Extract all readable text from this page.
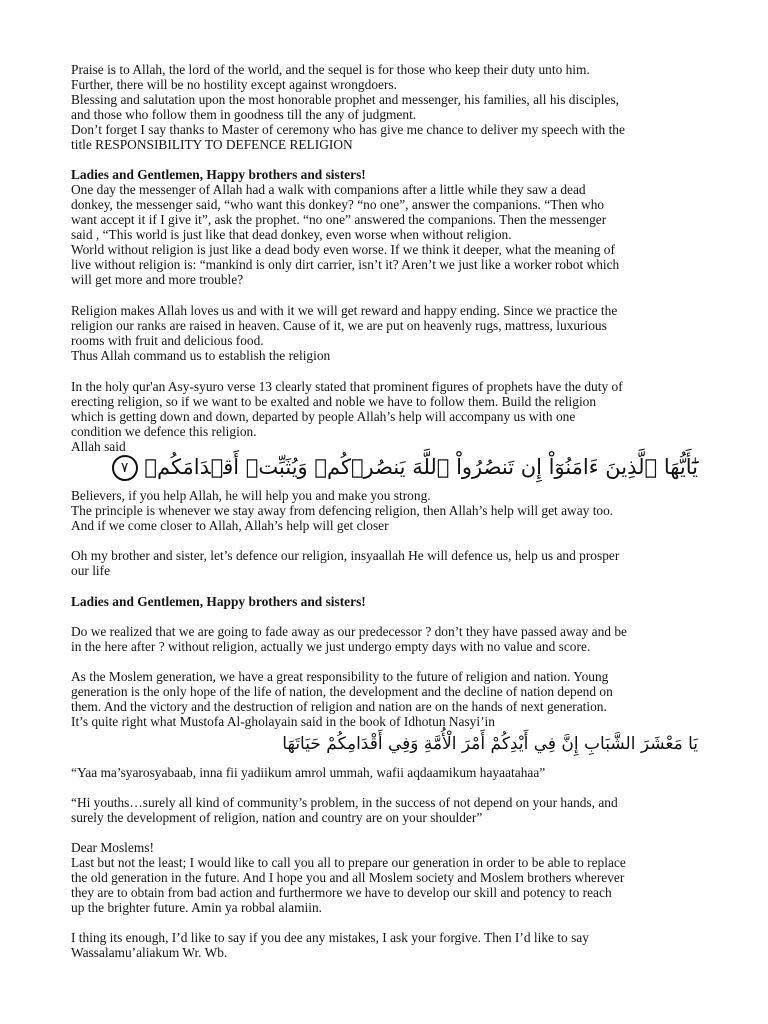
Praise is to Allah, the lord of the world, and the sequel is for those who keep their duty unto him.
Further, there will be no hostility except against wrongdoers.
Blessing and salutation upon the most honorable prophet and messenger, his families, all his disciples,
and those who follow them in goodness till the any of judgment.
Don’t forget I say thanks to Master of ceremony who has give me chance to deliver my speech with the
title RESPONSIBILITY TO DEFENCE RELIGION
Ladies and Gentlemen, Happy brothers and sisters!
One day the messenger of Allah had a walk with companions after a little while they saw a dead
donkey, the messenger said, “who want this donkey? “no one”, answer the companions. “Then who
want accept it if I give it”, ask the prophet. “no one” answered the companions. Then the messenger
said , “This world is just like that dead donkey, even worse when without religion.
World without religion is just like a dead body even worse. If we think it deeper, what the meaning of
live without religion is: “mankind is only dirt carrier, isn’t it? Aren’t we just like a worker robot which
will get more and more trouble?
Religion makes Allah loves us and with it we will get reward and happy ending. Since we practice the
religion our ranks are raised in heaven. Cause of it, we are put on heavenly rugs, mattress, luxurious
rooms with fruit and delicious food.
Thus Allah command us to establish the religion
In the holy qur'an Asy-syuro verse 13 clearly stated that prominent figures of prophets have the duty of
erecting religion, so if we want to be exalted and noble we have to follow them. Build the religion
which is getting down and down, departed by people Allah’s help will accompany us with one
condition we defence this religion.
Allah said
يَٰٓأَيُّهَا ٱلَّذِينَ ءَامَنُوٓاْ إِن تَنصُرُواْ ٱللَّهَ يَنصُرۡكُمۡ وَيُثَبِّتۡ أَقۡدَامَكُمۡ ٧
Believers, if you help Allah, he will help you and make you strong.
The principle is whenever we stay away from defencing religion, then Allah’s help will get away too.
And if we come closer to Allah, Allah’s help will get closer
Oh my brother and sister, let’s defence our religion, insyaallah He will defence us, help us and prosper
our life
Ladies and Gentlemen, Happy brothers and sisters!
Do we realized that we are going to fade away as our predecessor ? don’t they have passed away and be
in the here after ? without religion, actually we just undergo empty days with no value and score.
As the Moslem generation, we have a great responsibility to the future of religion and nation. Young
generation is the only hope of the life of nation, the development and the decline of nation depend on
them. And the victory and the destruction of religion and nation are on the hands of next generation.
It’s quite right what Mustofa Al-gholayain said in the book of Idhotun Nasyi’in
يَا مَعْشَرَ الشَّبَابِ إِنَّ فِي أَيْدِكُمْ أَمْرَ الْأُمَّةِ وَفِي أَقْدَامِكُمْ حَيَاتَهَا
“Yaa ma’syarosyabaab, inna fii yadiikum amrol ummah, wafii aqdaamikum hayaatahaa”
“Hi youths…surely all kind of community’s problem, in the success of not depend on your hands, and
surely the development of religion, nation and country are on your shoulder”
Dear Moslems!
Last but not the least; I would like to call you all to prepare our generation in order to be able to replace
the old generation in the future. And I hope you and all Moslem society and Moslem brothers wherever
they are to obtain from bad action and furthermore we have to develop our skill and potency to reach
up the brighter future. Amin ya robbal alamiin.
I thing its enough, I’d like to say if you dee any mistakes, I ask your forgive. Then I’d like to say
Wassalamu’aliakum Wr. Wb.
